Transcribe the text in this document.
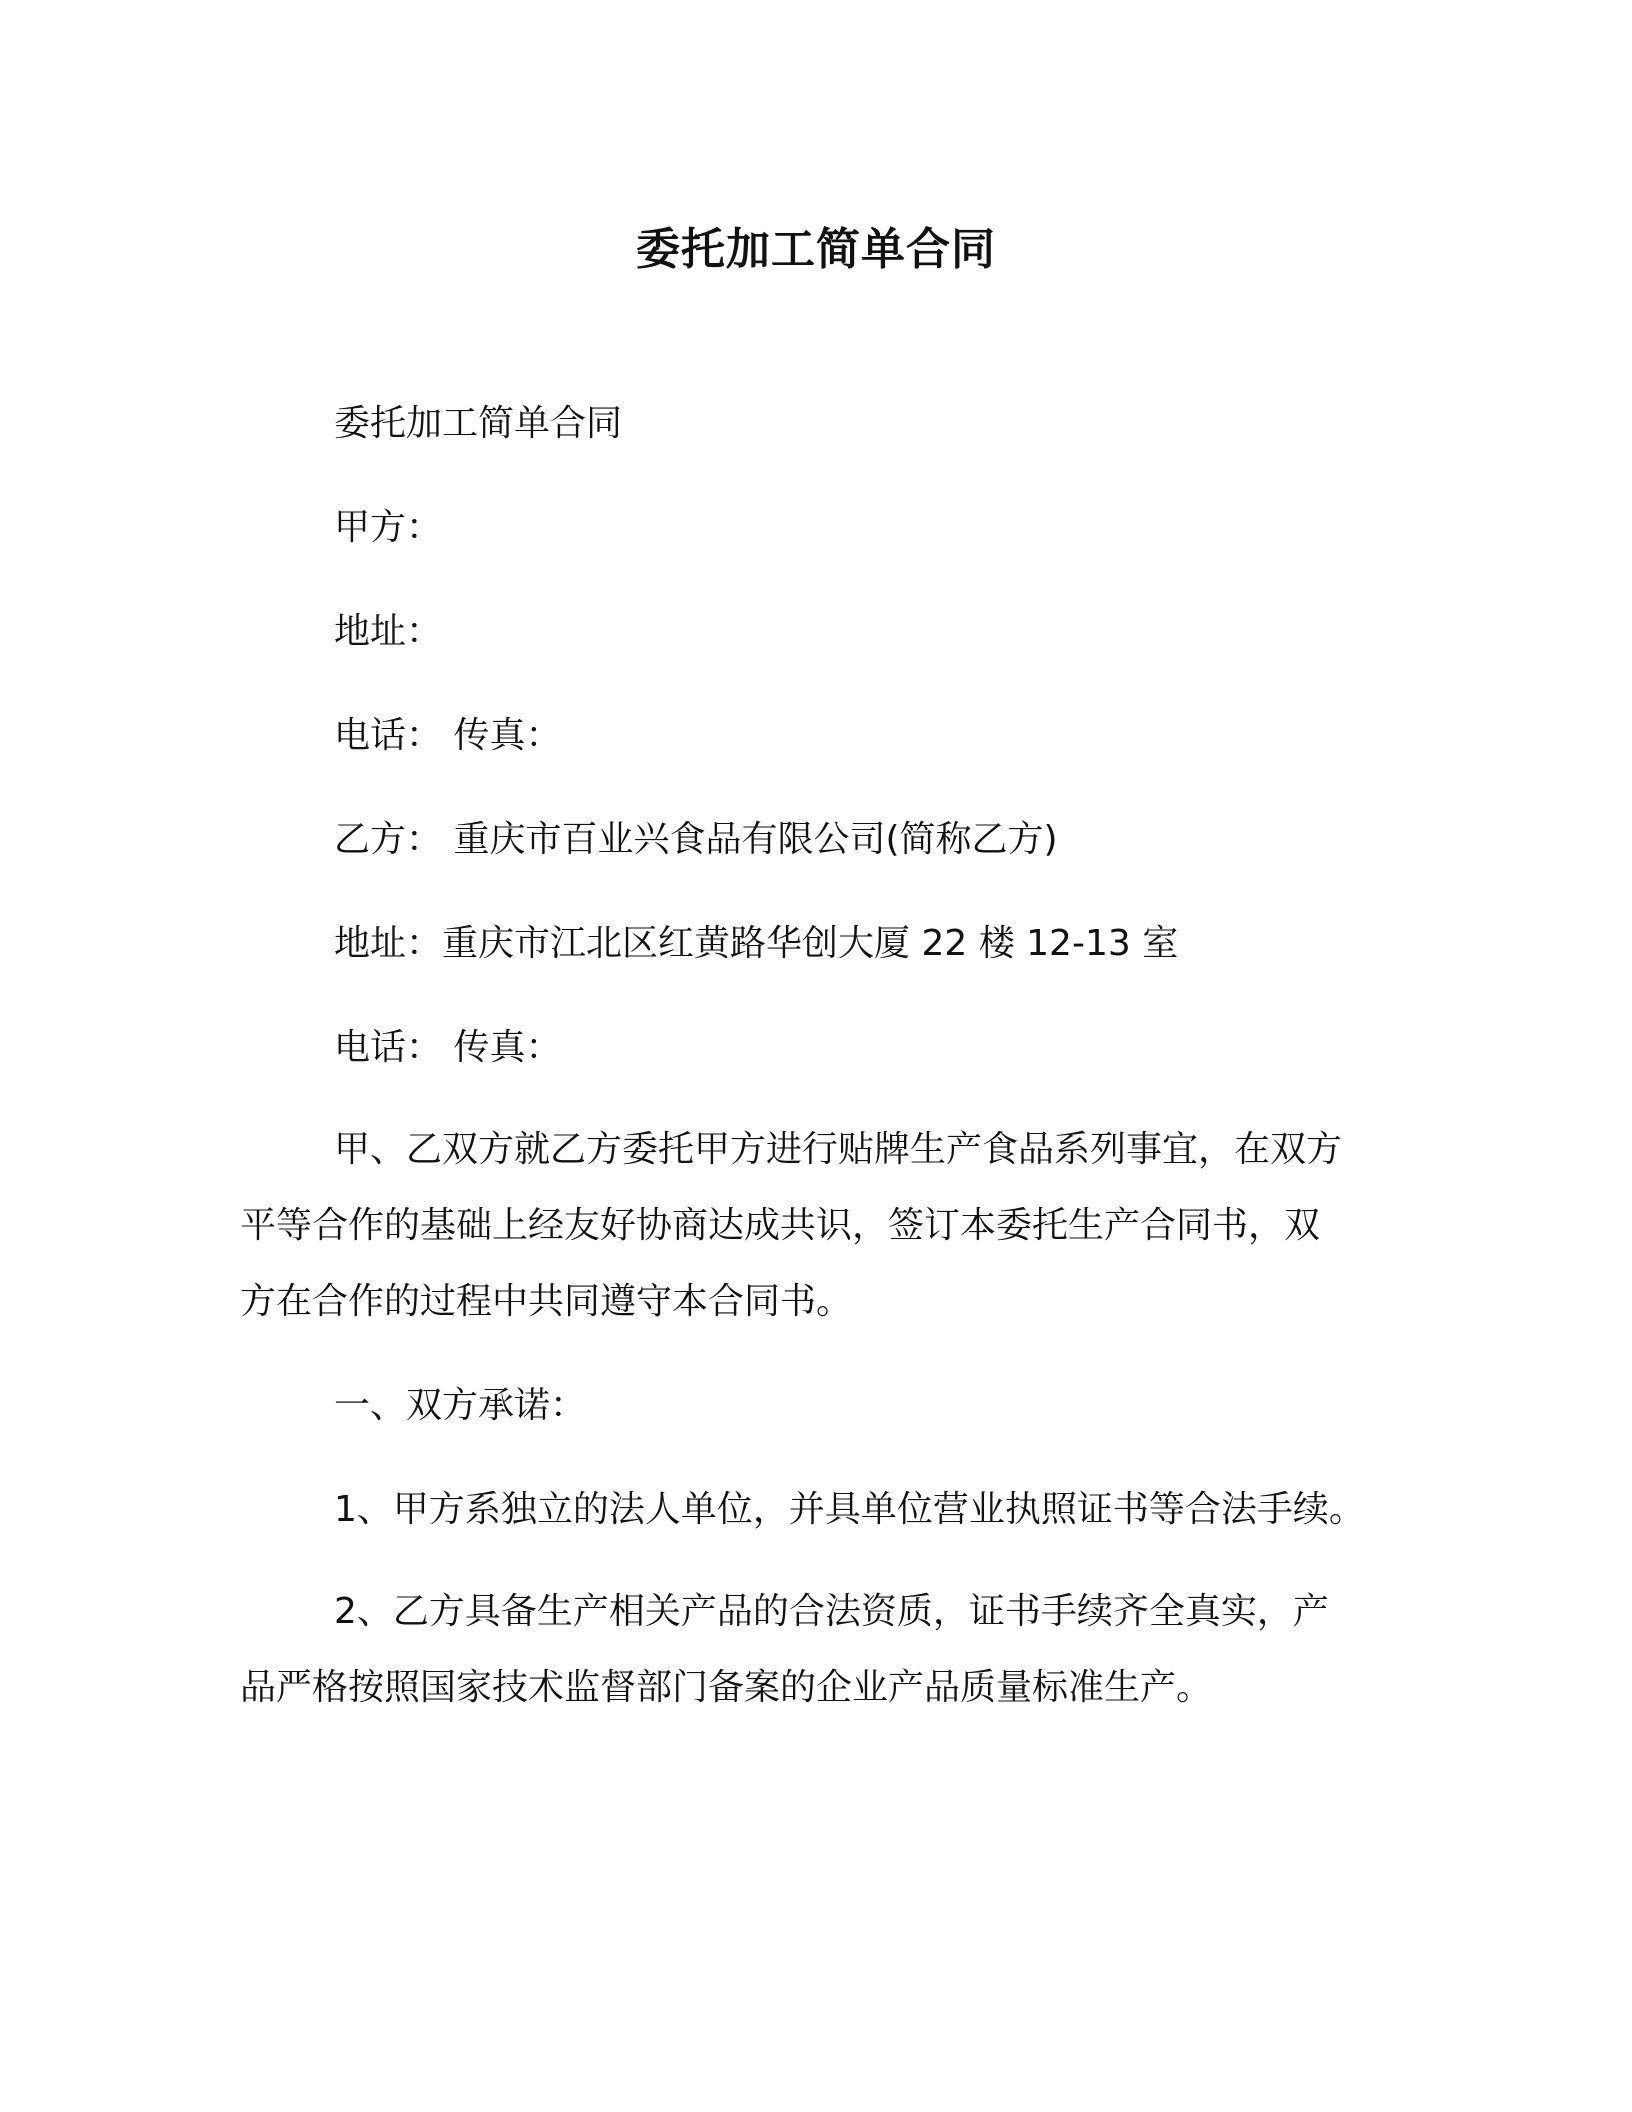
委托加工简单合同
委托加工简单合同
甲方：
地址：
电话： 传真：
乙方： 重庆市百业兴食品有限公司(简称乙方)
地址：重庆市江北区红黄路华创大厦 22 楼 12-13 室
电话： 传真：
甲、乙双方就乙方委托甲方进行贴牌生产食品系列事宜，在双方
平等合作的基础上经友好协商达成共识，签订本委托生产合同书，双
方在合作的过程中共同遵守本合同书。
一、双方承诺：
1、甲方系独立的法人单位，并具单位营业执照证书等合法手续。
2、乙方具备生产相关产品的合法资质，证书手续齐全真实，产
品严格按照国家技术监督部门备案的企业产品质量标准生产。
